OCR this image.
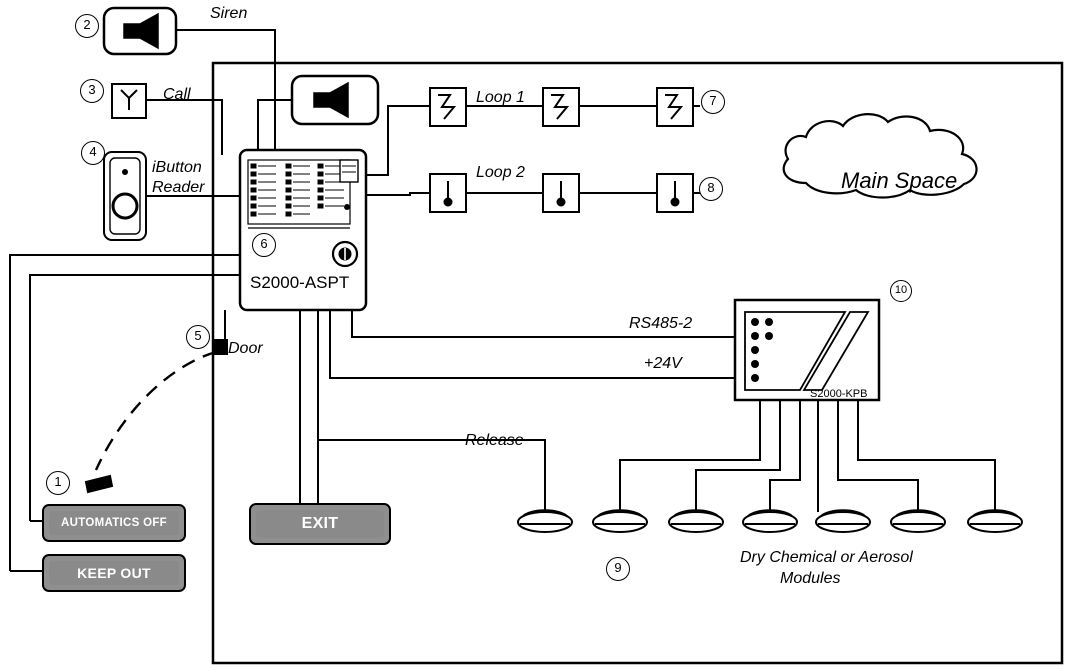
Siren
Call
iButton
Reader
Loop 1
Loop 2
Door
RS485-2
+24V
Release
Dry Chemical or Aerosol
Modules
Main Space
S2000-ASPT
S2000-KPB
AUTOMATICS OFF
KEEP OUT
EXIT
1
2
3
4
5
6
7
8
9
10
